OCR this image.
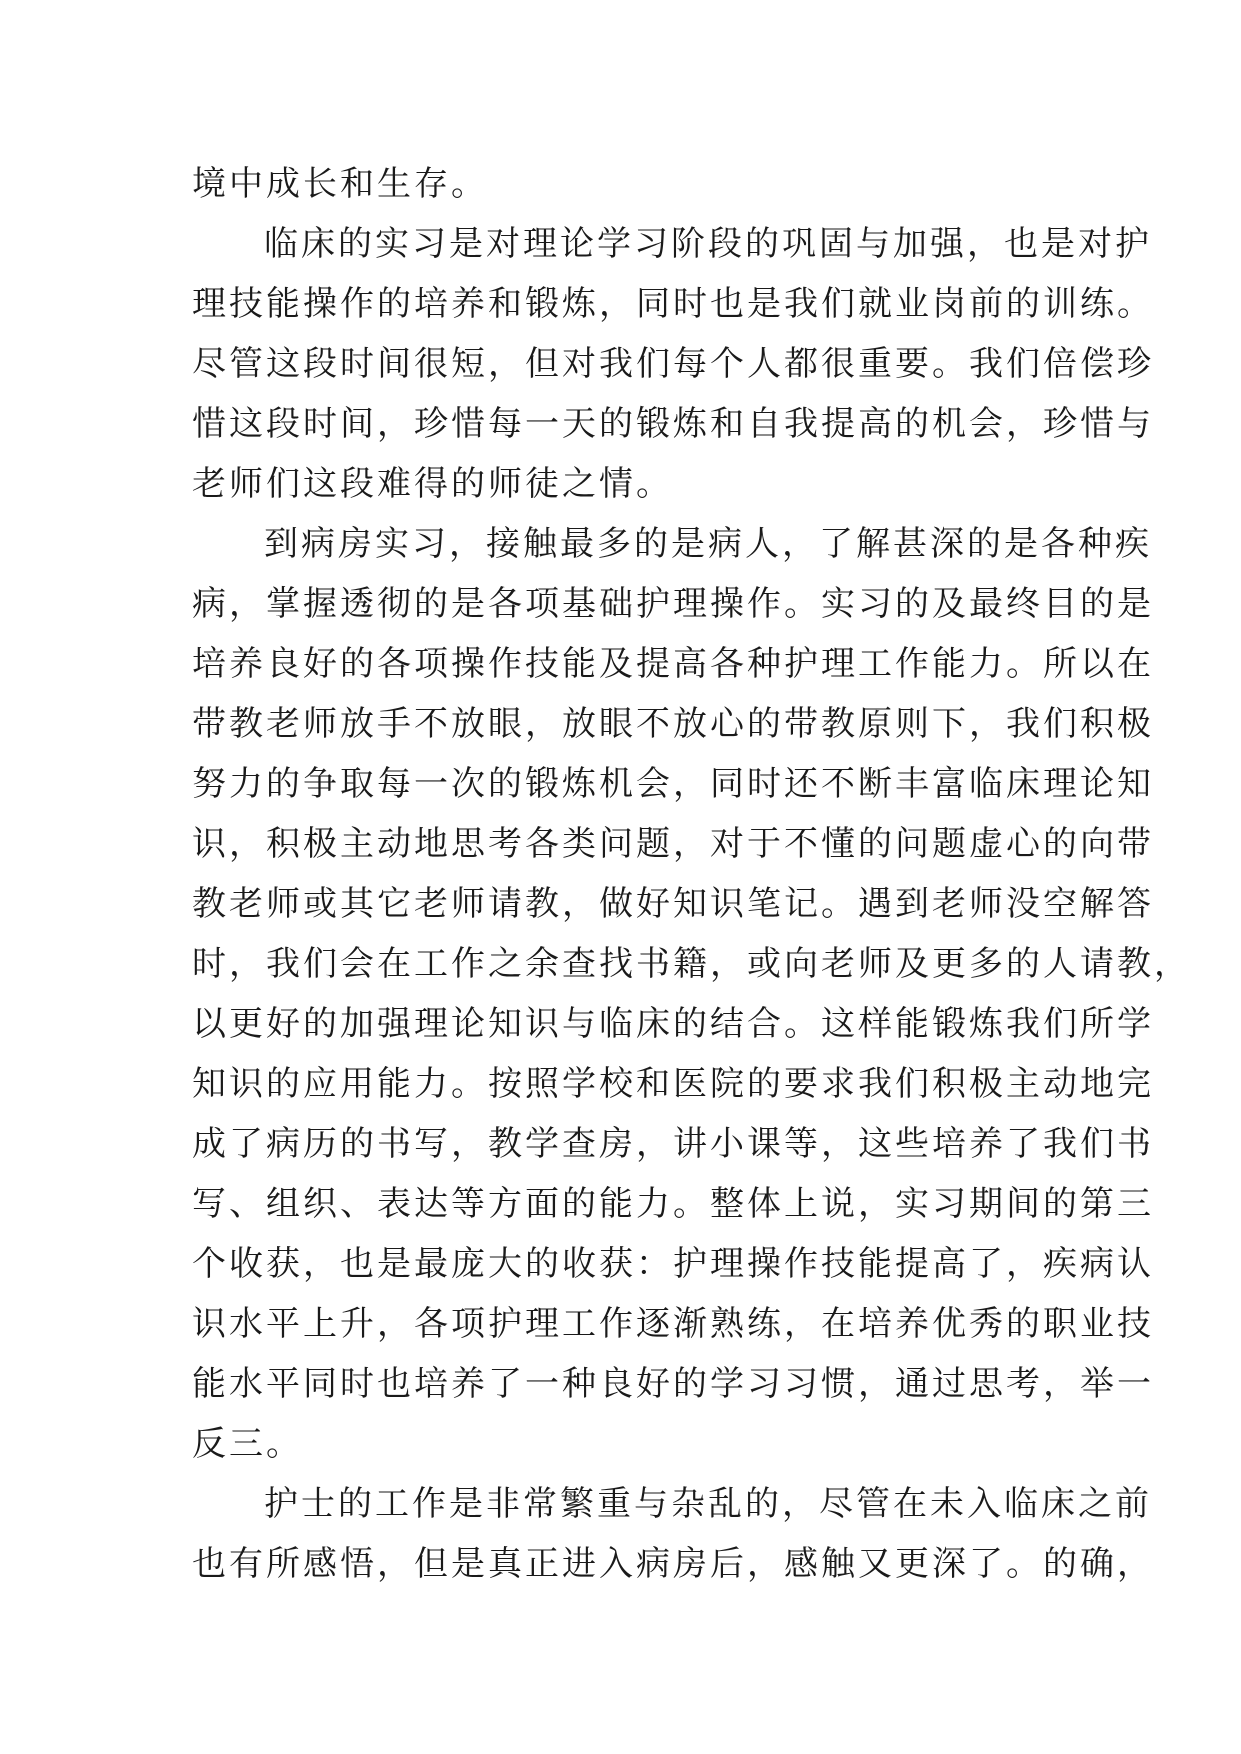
境中成长和生存。
临床的实习是对理论学习阶段的巩固与加强，也是对护
理技能操作的培养和锻炼，同时也是我们就业岗前的训练。
尽管这段时间很短，但对我们每个人都很重要。我们倍偿珍
惜这段时间，珍惜每一天的锻炼和自我提高的机会，珍惜与
老师们这段难得的师徒之情。
到病房实习，接触最多的是病人，了解甚深的是各种疾
病，掌握透彻的是各项基础护理操作。实习的及最终目的是
培养良好的各项操作技能及提高各种护理工作能力。所以在
带教老师放手不放眼，放眼不放心的带教原则下，我们积极
努力的争取每一次的锻炼机会，同时还不断丰富临床理论知
识，积极主动地思考各类问题，对于不懂的问题虚心的向带
教老师或其它老师请教，做好知识笔记。遇到老师没空解答
时，我们会在工作之余查找书籍，或向老师及更多的人请教，
以更好的加强理论知识与临床的结合。这样能锻炼我们所学
知识的应用能力。按照学校和医院的要求我们积极主动地完
成了病历的书写，教学查房，讲小课等，这些培养了我们书
写、组织、表达等方面的能力。整体上说，实习期间的第三
个收获，也是最庞大的收获：护理操作技能提高了，疾病认
识水平上升，各项护理工作逐渐熟练，在培养优秀的职业技
能水平同时也培养了一种良好的学习习惯，通过思考，举一
反三。
护士的工作是非常繁重与杂乱的，尽管在未入临床之前
也有所感悟，但是真正进入病房后，感触又更深了。的确，
